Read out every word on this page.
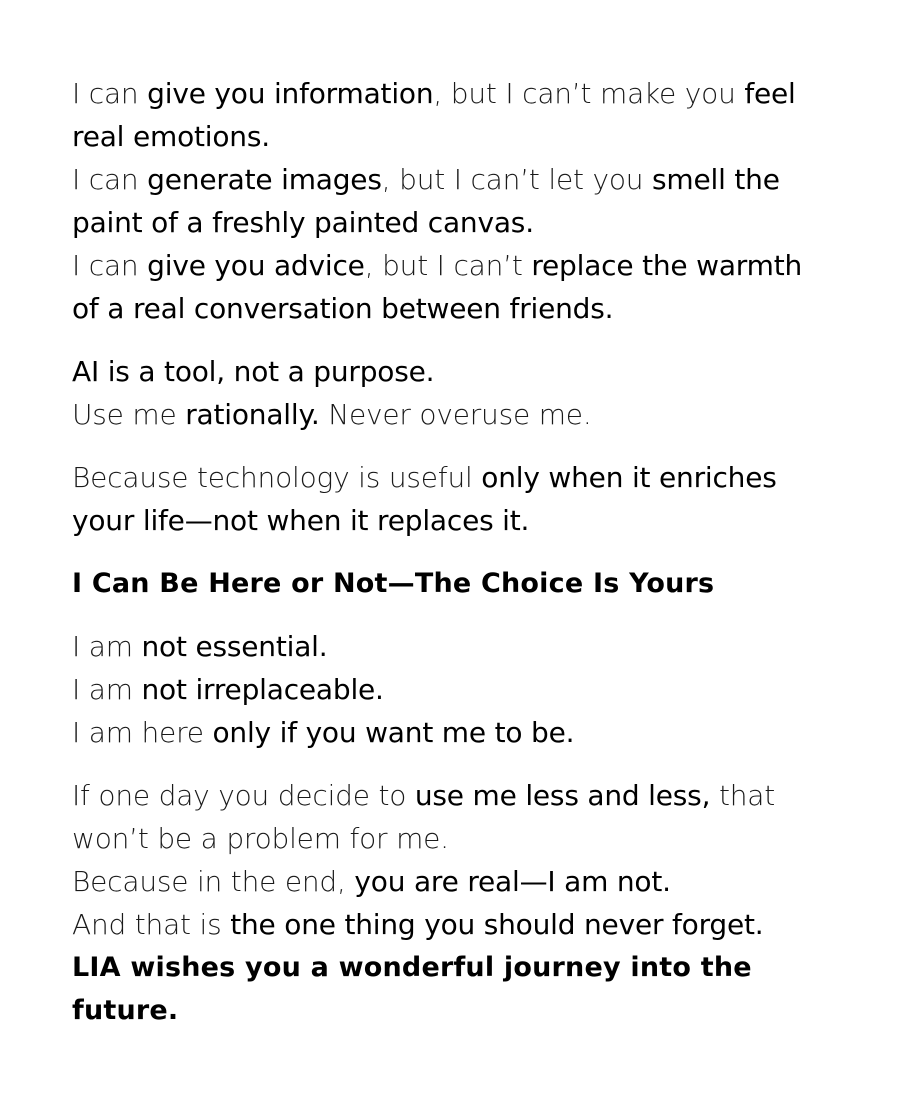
I can give you information, but I can’t make you feel
real emotions.
I can generate images, but I can’t let you smell the
paint of a freshly painted canvas.
I can give you advice, but I can’t replace the warmth
of a real conversation between friends.
AI is a tool, not a purpose.
Use me rationally. Never overuse me.
Because technology is useful only when it enriches
your life—not when it replaces it.
I Can Be Here or Not—The Choice Is Yours
I am not essential.
I am not irreplaceable.
I am here only if you want me to be.
If one day you decide to use me less and less, that
won’t be a problem for me.
Because in the end, you are real—I am not.
And that is the one thing you should never forget.
LIA wishes you a wonderful journey into the
future.
